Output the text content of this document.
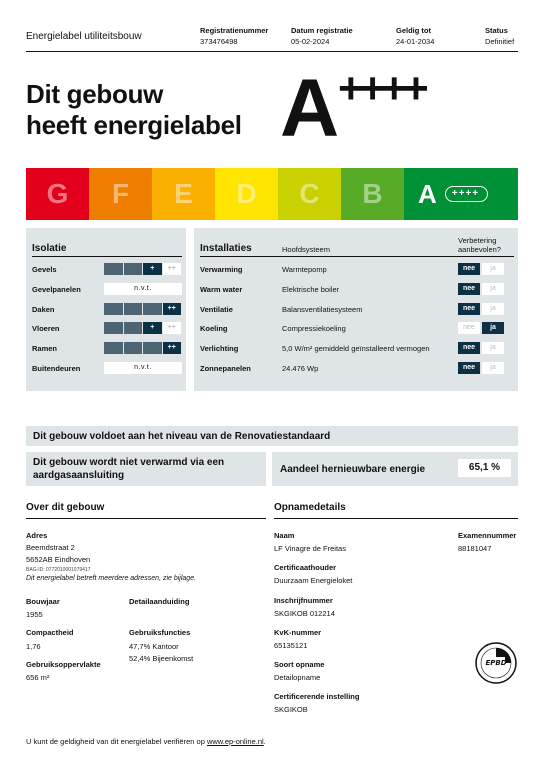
Energielabel utiliteitsbouw
Registratienummer
373476498
Datum registratie
05-02-2024
Geldig tot
24-01-2034
Status
Definitief
Dit gebouw
heeft energielabel A ++++
G F E D C B A	++++
Isolatie
Gevels	+	++
Gevelpanelen	n.v.t.
Daken	++
Vloeren	+	++
Ramen	++
Buitendeuren	n.v.t.
Installaties	Hoofdsysteem
Verbetering aanbevolen?
Verwarming	Warmtepomp	nee	ja
Warm water	Elektrische boiler	nee	ja
Ventilatie	Balansventilatiesysteem	nee	ja
Koeling	Compressiekoeling	nee	ja
Verlichting	5,0 W/m² gemiddeld geïnstalleerd vermogen	nee	ja
Zonnepanelen	24.476 Wp	nee	ja
Dit gebouw voldoet aan het niveau van de Renovatiestandaard
Dit gebouw wordt niet verwarmd via een aardgasaansluiting
Aandeel hernieuwbare energie	65,1 %
Over dit gebouw
Adres
Beemdstraat 2
5652AB Eindhoven
BAG-ID: 0772010001079417
Dit energielabel betreft meerdere adressen, zie bijlage.
Bouwjaar
1955
Detailaanduiding
Compactheid
1,76
Gebruiksfuncties
47,7% Kantoor
52,4% Bijeenkomst
Gebruiksoppervlakte
656 m²
Opnamedetails
Naam
LF Vinagre de Freitas
Examennummer
88181047
Certificaathouder
Duurzaam Energieloket
Inschrijfnummer
SKGIKOB 012214
KvK-nummer
65135121
Soort opname
Detailopname
Certificerende instelling
SKGIKOB
EPBD
U kunt de geldigheid van dit energielabel verifiëren op www.ep-online.nl.
